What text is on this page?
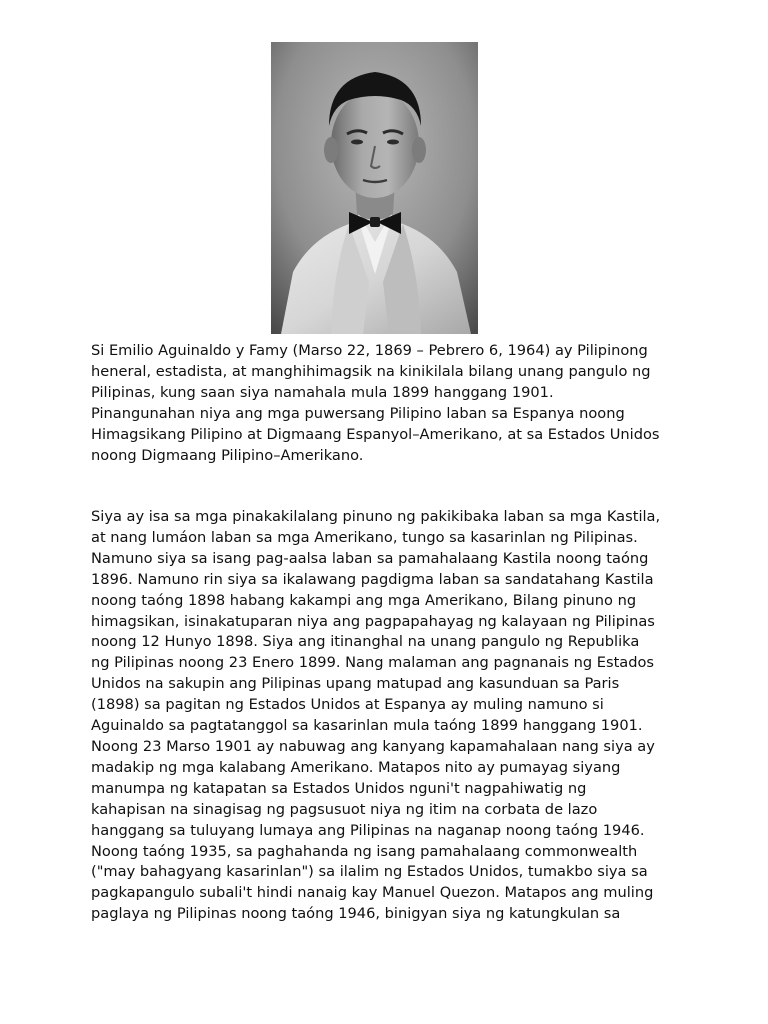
Si Emilio Aguinaldo y Famy (Marso 22, 1869 – Pebrero 6, 1964) ay Pilipinong
heneral, estadista, at manghihimagsik na kinikilala bilang unang pangulo ng
Pilipinas, kung saan siya namahala mula 1899 hanggang 1901.
Pinangunahan niya ang mga puwersang Pilipino laban sa Espanya noong
Himagsikang Pilipino at Digmaang Espanyol–Amerikano, at sa Estados Unidos
noong Digmaang Pilipino–Amerikano.

Siya ay isa sa mga pinakakilalang pinuno ng pakikibaka laban sa mga Kastila,
at nang lumáon laban sa mga Amerikano, tungo sa kasarinlan ng Pilipinas.
Namuno siya sa isang pag-aalsa laban sa pamahalaang Kastila noong taóng
1896. Namuno rin siya sa ikalawang pagdigma laban sa sandatahang Kastila
noong taóng 1898 habang kakampi ang mga Amerikano, Bilang pinuno ng
himagsikan, isinakatuparan niya ang pagpapahayag ng kalayaan ng Pilipinas
noong 12 Hunyo 1898. Siya ang itinanghal na unang pangulo ng Republika
ng Pilipinas noong 23 Enero 1899. Nang malaman ang pagnanais ng Estados
Unidos na sakupin ang Pilipinas upang matupad ang kasunduan sa Paris
(1898) sa pagitan ng Estados Unidos at Espanya ay muling namuno si
Aguinaldo sa pagtatanggol sa kasarinlan mula taóng 1899 hanggang 1901.
Noong 23 Marso 1901 ay nabuwag ang kanyang kapamahalaan nang siya ay
madakip ng mga kalabang Amerikano. Matapos nito ay pumayag siyang
manumpa ng katapatan sa Estados Unidos nguni't nagpahiwatig ng
kahapisan na sinagisag ng pagsusuot niya ng itim na corbata de lazo
hanggang sa tuluyang lumaya ang Pilipinas na naganap noong taóng 1946.
Noong taóng 1935, sa paghahanda ng isang pamahalaang commonwealth
("may bahagyang kasarinlan") sa ilalim ng Estados Unidos, tumakbo siya sa
pagkapangulo subali't hindi nanaig kay Manuel Quezon. Matapos ang muling
paglaya ng Pilipinas noong taóng 1946, binigyan siya ng katungkulan sa
